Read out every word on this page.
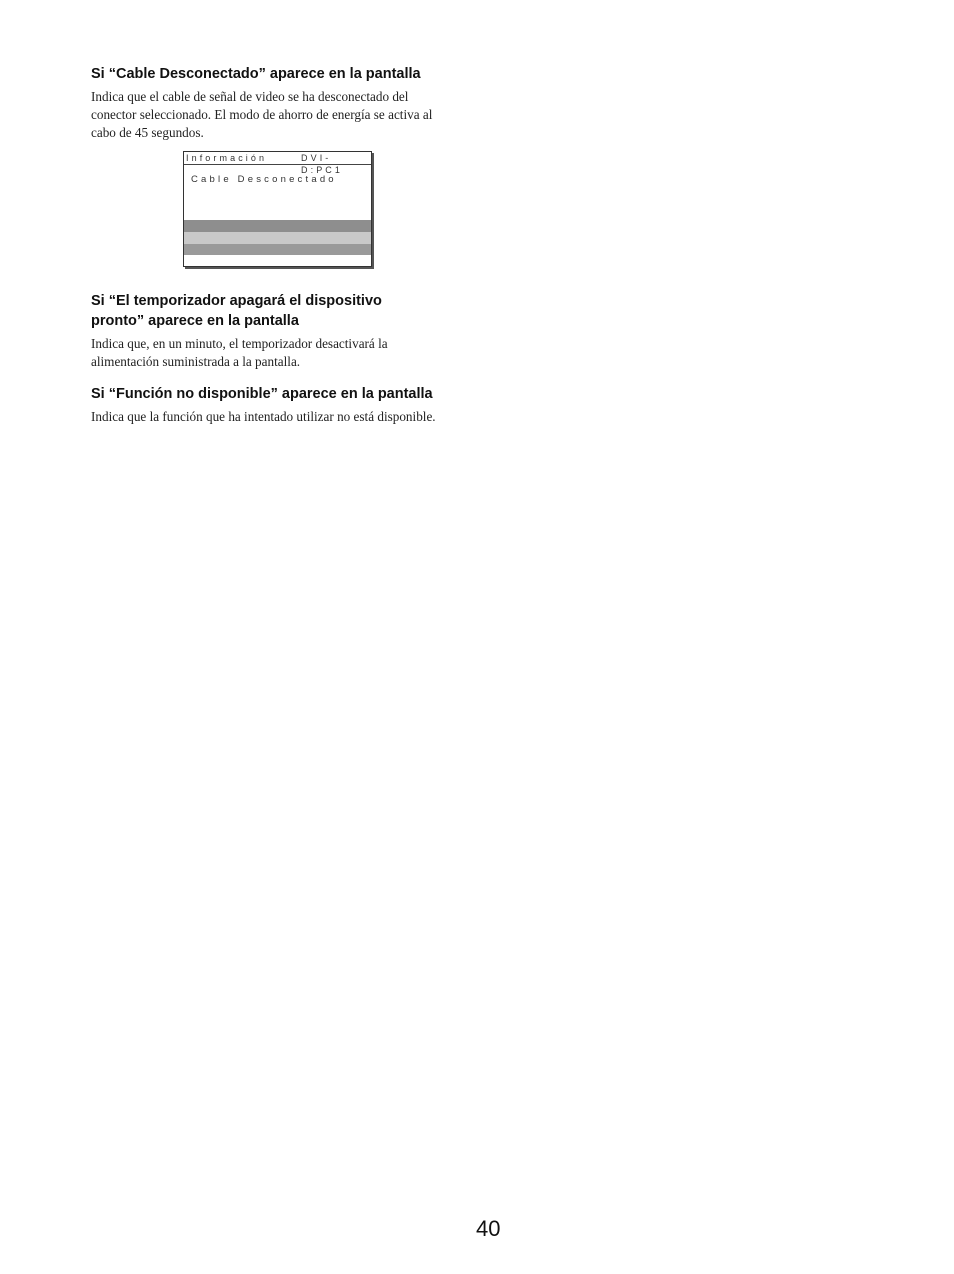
Si “Cable Desconectado” aparece en la pantalla
Indica que el cable de señal de video se ha desconectado del
conector seleccionado. El modo de ahorro de energía se activa al
cabo de 45 segundos.
Información	DVI-D:PC1
Cable Desconectado
Si “El temporizador apagará el dispositivo
pronto” aparece en la pantalla
Indica que, en un minuto, el temporizador desactivará la
alimentación suministrada a la pantalla.
Si “Función no disponible” aparece en la pantalla
Indica que la función que ha intentado utilizar no está disponible.
40
